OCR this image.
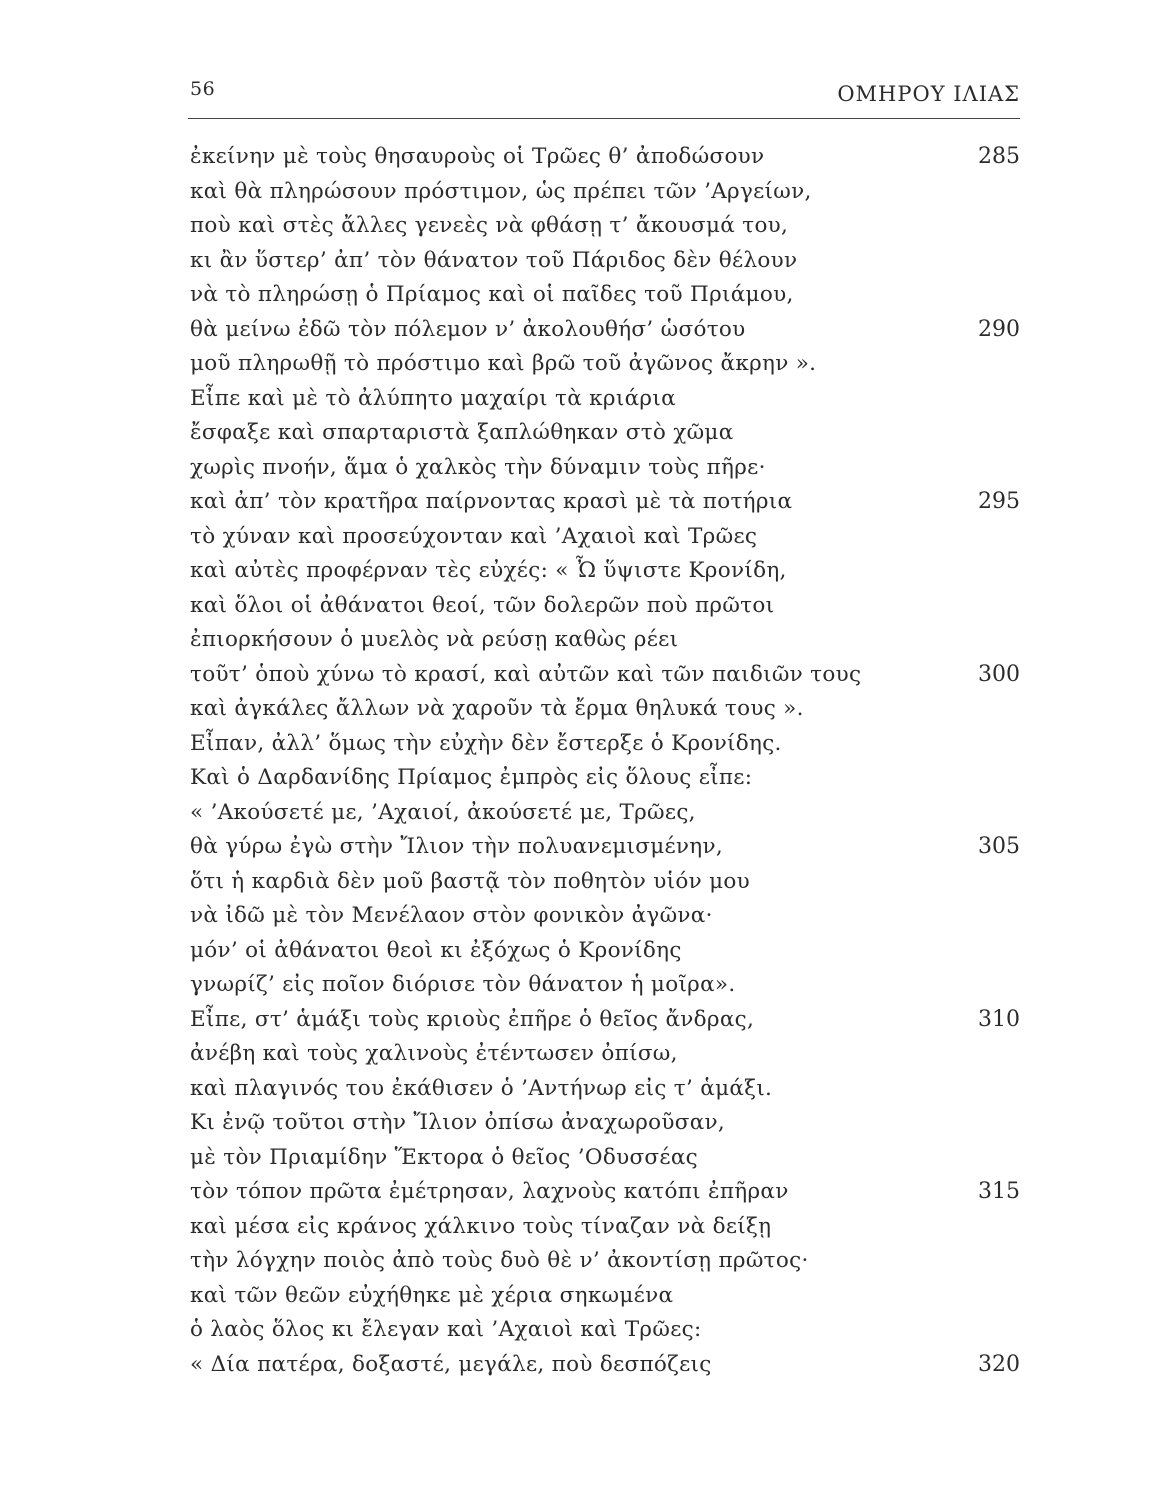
56	ΟΜΗΡΟΥ ΙΛΙΑΣ
ἐκείνην μὲ τοὺς θησαυροὺς οἱ Τρῶες θ’ ἀποδώσουν	285
καὶ θὰ πληρώσουν πρόστιμον, ὡς πρέπει τῶν ’Αργείων,
ποὺ καὶ στὲς ἄλλες γενεὲς νὰ φθάσῃ τ’ ἄκουσμά του,
κι ἂν ὕστερ’ ἀπ’ τὸν θάνατον τοῦ Πάριδος δὲν θέλουν
νὰ τὸ πληρώσῃ ὁ Πρίαμος καὶ οἱ παῖδες τοῦ Πριάμου,
θὰ μείνω ἐδῶ τὸν πόλεμον ν’ ἀκολουθήσ’ ὡσότου	290
μοῦ πληρωθῇ τὸ πρόστιμο καὶ βρῶ τοῦ ἀγῶνος ἄκρην ».
Εἶπε καὶ μὲ τὸ ἀλύπητο μαχαίρι τὰ κριάρια
ἔσφαξε καὶ σπαρταριστὰ ξαπλώθηκαν στὸ χῶμα
χωρὶς πνοήν, ἅμα ὁ χαλκὸς τὴν δύναμιν τοὺς πῆρε·
καὶ ἀπ’ τὸν κρατῆρα παίρνοντας κρασὶ μὲ τὰ ποτήρια	295
τὸ χύναν καὶ προσεύχονταν καὶ ’Αχαιοὶ καὶ Τρῶες
καὶ αὐτὲς προφέρναν τὲς εὐχές: « Ὦ ὕψιστε Κρονίδη,
καὶ ὅλοι οἱ ἀθάνατοι θεοί, τῶν δολερῶν ποὺ πρῶτοι
ἐπιορκήσουν ὁ μυελὸς νὰ ρεύσῃ καθὼς ρέει
τοῦτ’ ὁποὺ χύνω τὸ κρασί, καὶ αὐτῶν καὶ τῶν παιδιῶν τους	300
καὶ ἀγκάλες ἄλλων νὰ χαροῦν τὰ ἔρμα θηλυκά τους ».
Εἶπαν, ἀλλ’ ὅμως τὴν εὐχὴν δὲν ἔστερξε ὁ Κρονίδης.
Καὶ ὁ Δαρδανίδης Πρίαμος ἐμπρὸς εἰς ὅλους εἶπε:
« ’Ακούσετέ με, ’Αχαιοί, ἀκούσετέ με, Τρῶες,
θὰ γύρω ἐγὼ στὴν Ἴλιον τὴν πολυανεμισμένην,	305
ὅτι ἡ καρδιὰ δὲν μοῦ βαστᾷ τὸν ποθητὸν υἱόν μου
νὰ ἰδῶ μὲ τὸν Μενέλαον στὸν φονικὸν ἀγῶνα·
μόν’ οἱ ἀθάνατοι θεοὶ κι ἐξόχως ὁ Κρονίδης
γνωρίζ’ εἰς ποῖον διόρισε τὸν θάνατον ἡ μοῖρα».
Εἶπε, στ’ ἁμάξι τοὺς κριοὺς ἐπῆρε ὁ θεῖος ἄνδρας,	310
ἀνέβη καὶ τοὺς χαλινοὺς ἐτέντωσεν ὀπίσω,
καὶ πλαγινός του ἐκάθισεν ὁ ’Αντήνωρ εἰς τ’ ἁμάξι.
Κι ἐνῷ τοῦτοι στὴν Ἴλιον ὀπίσω ἀναχωροῦσαν,
μὲ τὸν Πριαμίδην Ἕκτορα ὁ θεῖος ’Οδυσσέας
τὸν τόπον πρῶτα ἐμέτρησαν, λαχνοὺς κατόπι ἐπῆραν	315
καὶ μέσα εἰς κράνος χάλκινο τοὺς τίναζαν νὰ δείξῃ
τὴν λόγχην ποιὸς ἀπὸ τοὺς δυὸ θὲ ν’ ἀκοντίσῃ πρῶτος·
καὶ τῶν θεῶν εὐχήθηκε μὲ χέρια σηκωμένα
ὁ λαὸς ὅλος κι ἔλεγαν καὶ ’Αχαιοὶ καὶ Τρῶες:
« Δία πατέρα, δοξαστέ, μεγάλε, ποὺ δεσπόζεις	320
